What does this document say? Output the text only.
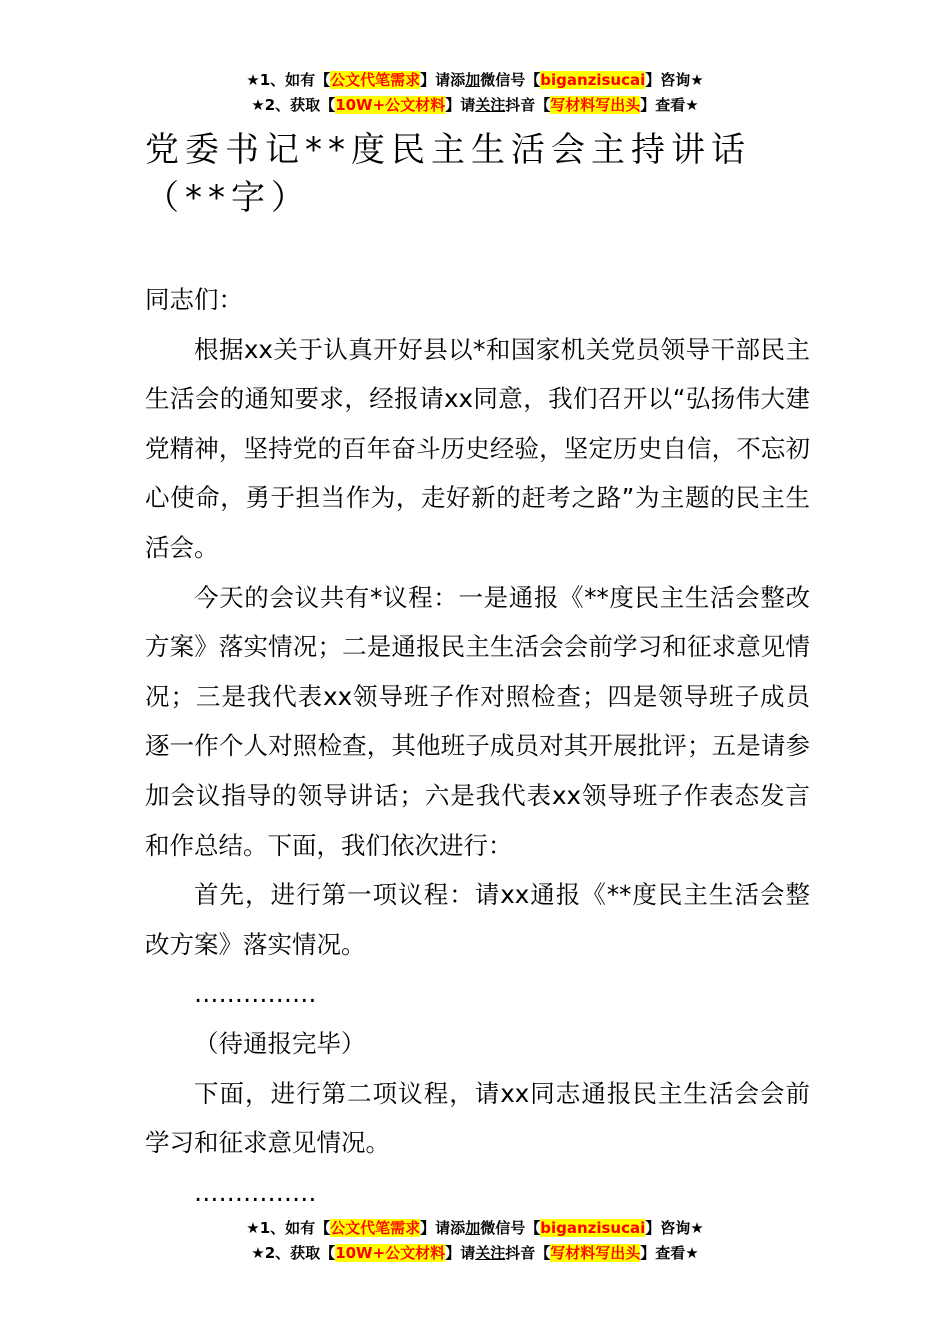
★1、如有【公文代笔需求】请添加微信号【biganzisucai】咨询★
★2、获取【10W+公文材料】请关注抖音【写材料写出头】查看★
党委书记**度民主生活会主持讲话（**字）

同志们：

根据xx关于认真开好县以*和国家机关党员领导干部民主生活会的通知要求，经报请xx同意，我们召开以“弘扬伟大建党精神，坚持党的百年奋斗历史经验，坚定历史自信，不忘初心使命，勇于担当作为，走好新的赶考之路”为主题的民主生活会。

今天的会议共有*议程：一是通报《**度民主生活会整改方案》落实情况；二是通报民主生活会会前学习和征求意见情况；三是我代表xx领导班子作对照检查；四是领导班子成员逐一作个人对照检查，其他班子成员对其开展批评；五是请参加会议指导的领导讲话；六是我代表xx领导班子作表态发言和作总结。下面，我们依次进行：

首先，进行第一项议程：请xx通报《**度民主生活会整改方案》落实情况。

……………

（待通报完毕）

下面，进行第二项议程，请xx同志通报民主生活会会前学习和征求意见情况。

……………

★1、如有【公文代笔需求】请添加微信号【biganzisucai】咨询★
★2、获取【10W+公文材料】请关注抖音【写材料写出头】查看★
